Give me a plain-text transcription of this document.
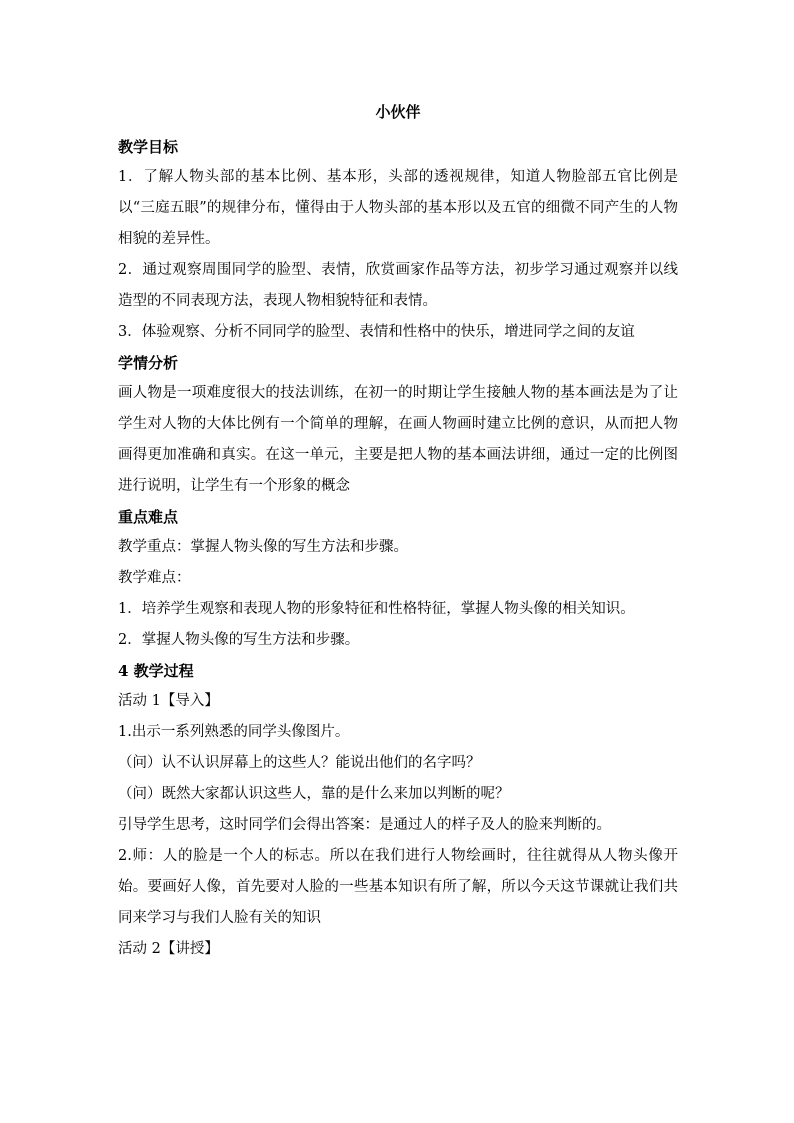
小伙伴
教学目标

1．了解人物头部的基本比例、基本形，头部的透视规律，知道人物脸部五官比例是以“三庭五眼”的规律分布，懂得由于人物头部的基本形以及五官的细微不同产生的人物相貌的差异性。

2．通过观察周围同学的脸型、表情，欣赏画家作品等方法，初步学习通过观察并以线造型的不同表现方法，表现人物相貌特征和表情。

3．体验观察、分析不同同学的脸型、表情和性格中的快乐，增进同学之间的友谊

学情分析

画人物是一项难度很大的技法训练，在初一的时期让学生接触人物的基本画法是为了让学生对人物的大体比例有一个简单的理解，在画人物画时建立比例的意识，从而把人物画得更加准确和真实。在这一单元，主要是把人物的基本画法讲细，通过一定的比例图进行说明，让学生有一个形象的概念

重点难点

教学重点：掌握人物头像的写生方法和步骤。

教学难点：

1．培养学生观察和表现人物的形象特征和性格特征，掌握人物头像的相关知识。

2．掌握人物头像的写生方法和步骤。

4 教学过程

活动 1【导入】

1.出示一系列熟悉的同学头像图片。

（问）认不认识屏幕上的这些人？能说出他们的名字吗？

（问）既然大家都认识这些人，靠的是什么来加以判断的呢？

引导学生思考，这时同学们会得出答案：是通过人的样子及人的脸来判断的。

2.师：人的脸是一个人的标志。所以在我们进行人物绘画时，往往就得从人物头像开始。要画好人像，首先要对人脸的一些基本知识有所了解，所以今天这节课就让我们共同来学习与我们人脸有关的知识

活动 2【讲授】
